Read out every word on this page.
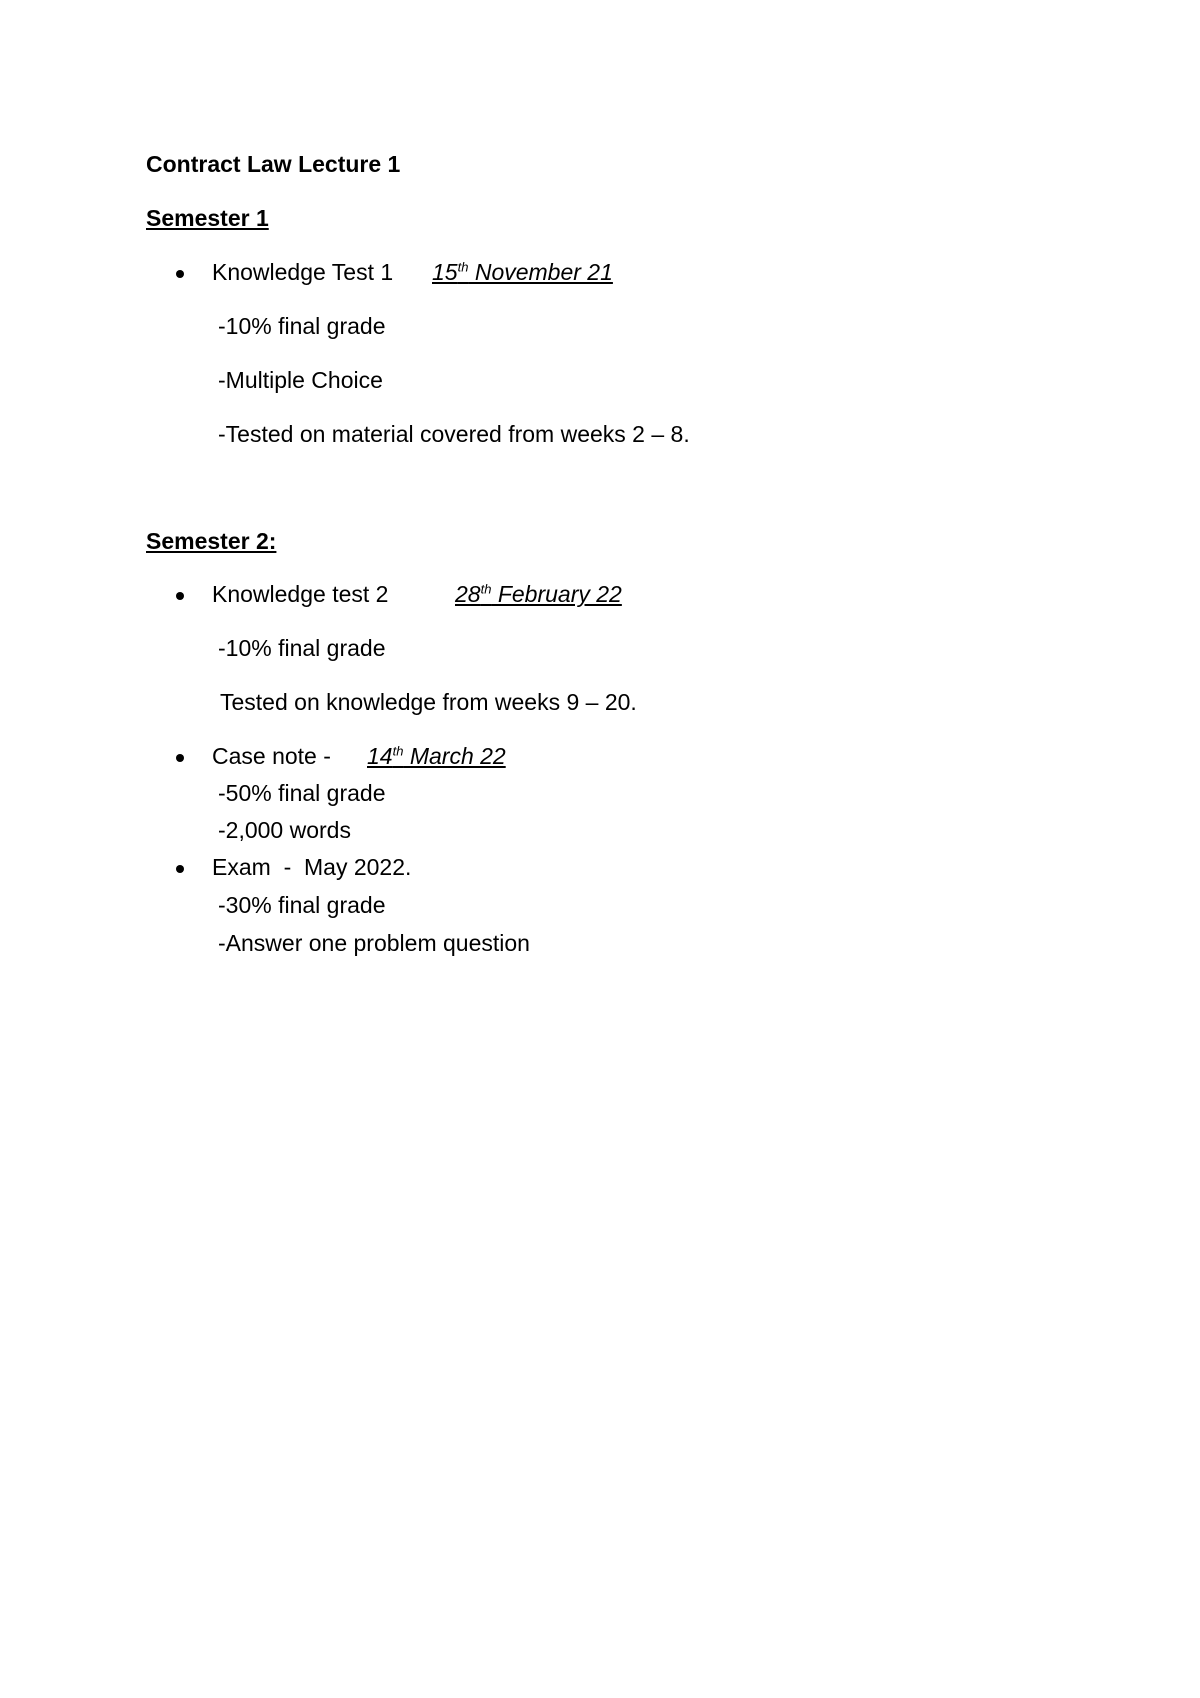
Contract Law Lecture 1
Semester 1
Knowledge Test 1 15th November 21
-10% final grade
-Multiple Choice
-Tested on material covered from weeks 2 – 8.
Semester 2:
Knowledge test 2	28th February 22
-10% final grade
Tested on knowledge from weeks 9 – 20.
Case note - 14th March 22
-50% final grade
-2,000 words
Exam  -  May 2022.
-30% final grade
-Answer one problem question
